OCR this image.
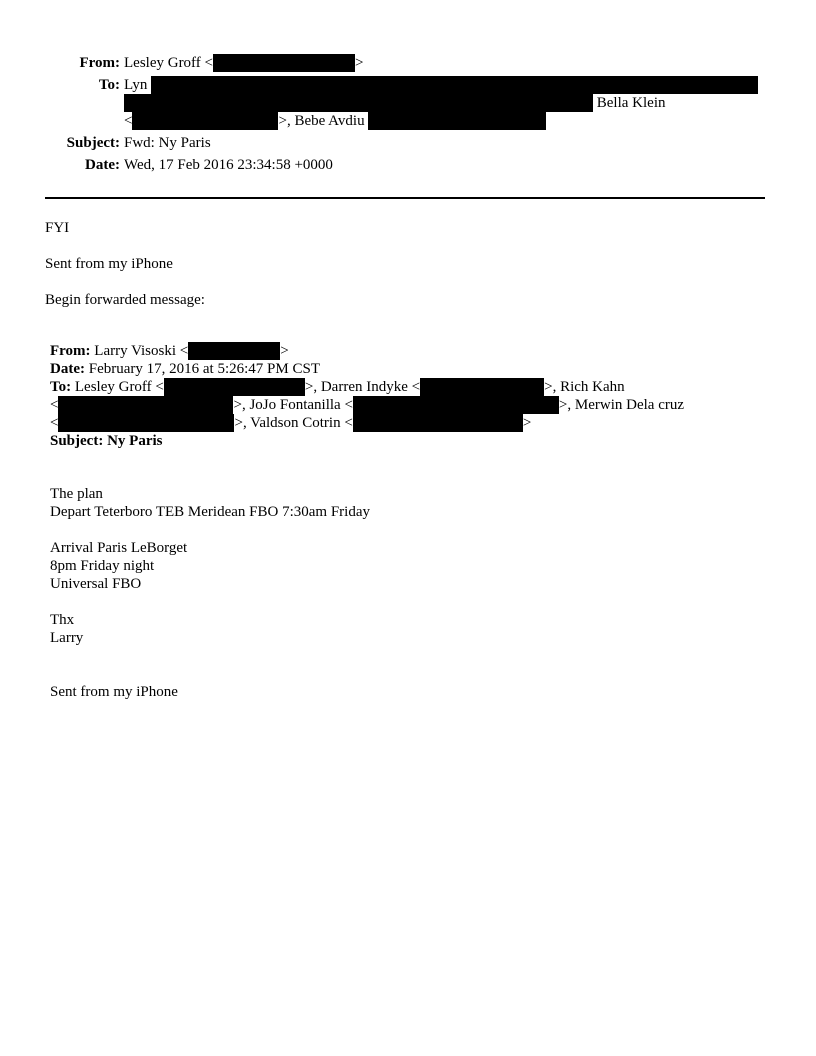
From: Lesley Groff <	>
To: Lyn
Bella Klein
<	>, Bebe Avdiu
Subject: Fwd: Ny Paris
Date: Wed, 17 Feb 2016 23:34:58 +0000
FYI
Sent from my iPhone
Begin forwarded message:
From: Larry Visoski <	>
Date: February 17, 2016 at 5:26:47 PM CST
To: Lesley Groff <	>, Darren Indyke <	>, Rich Kahn
<	>, JoJo Fontanilla <	>, Merwin Dela cruz
<	>, Valdson Cotrin <	>
Subject: Ny Paris
The plan
Depart Teterboro TEB Meridean FBO 7:30am Friday
Arrival Paris LeBorget
8pm Friday night
Universal FBO
Thx
Larry
Sent from my iPhone
